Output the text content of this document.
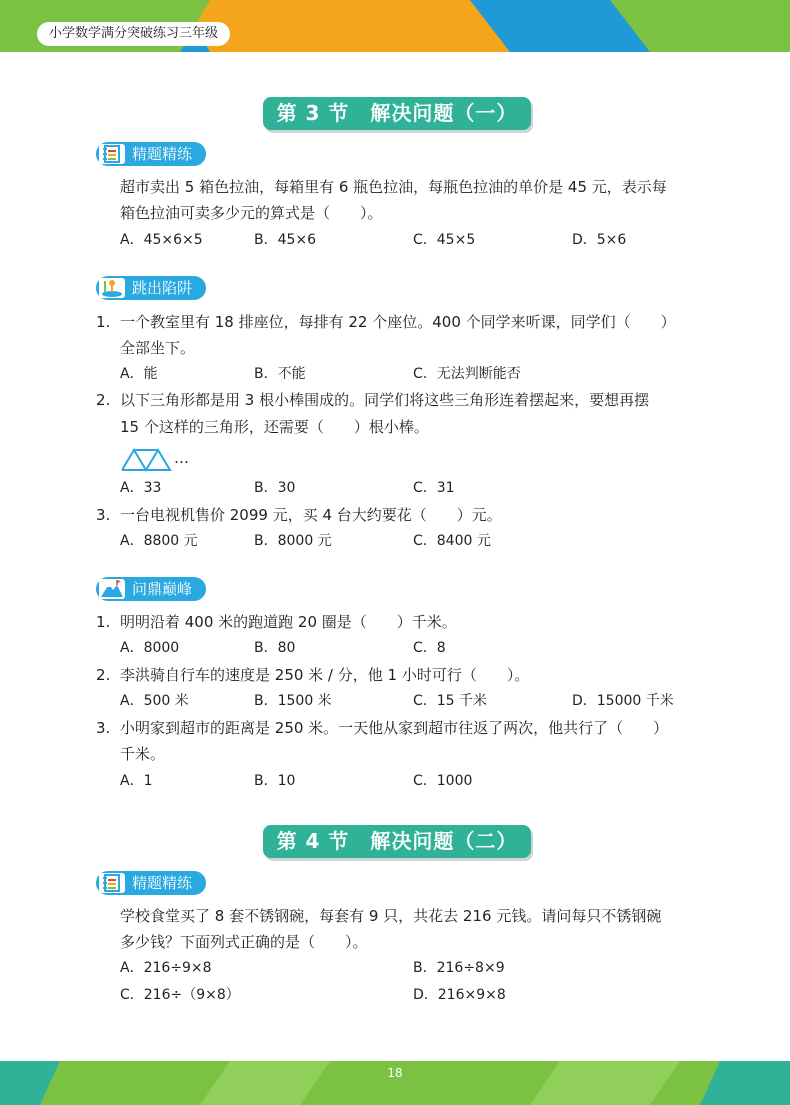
小学数学满分突破练习三年级
第 3 节　解决问题（一）
精题精练
超市卖出 5 箱色拉油，每箱里有 6 瓶色拉油，每瓶色拉油的单价是 45 元，表示每
箱色拉油可卖多少元的算式是（　　）。
A．45×6×5	B．45×6	C．45×5	D．5×6
跳出陷阱
1. 一个教室里有 18 排座位，每排有 22 个座位。400 个同学来听课，同学们（　　）
全部坐下。
A．能	B．不能	C．无法判断能否
2. 以下三角形都是用 3 根小棒围成的。同学们将这些三角形连着摆起来，要想再摆
15 个这样的三角形，还需要（　　）根小棒。
…
A．33	B．30	C．31
3. 一台电视机售价 2099 元，买 4 台大约要花（　　）元。
A．8800 元	B．8000 元	C．8400 元
问鼎巅峰
1. 明明沿着 400 米的跑道跑 20 圈是（　　）千米。
A．8000	B．80	C．8
2. 李洪骑自行车的速度是 250 米 / 分，他 1 小时可行（　　）。
A．500 米	B．1500 米	C．15 千米	D．15000 千米
3. 小明家到超市的距离是 250 米。一天他从家到超市往返了两次，他共行了（　　）
千米。
A．1	B．10	C．1000
第 4 节　解决问题（二）
精题精练
学校食堂买了 8 套不锈钢碗，每套有 9 只，共花去 216 元钱。请问每只不锈钢碗
多少钱？下面列式正确的是（　　）。
A．216÷9×8	B．216÷8×9
C．216÷（9×8）	D．216×9×8
18
